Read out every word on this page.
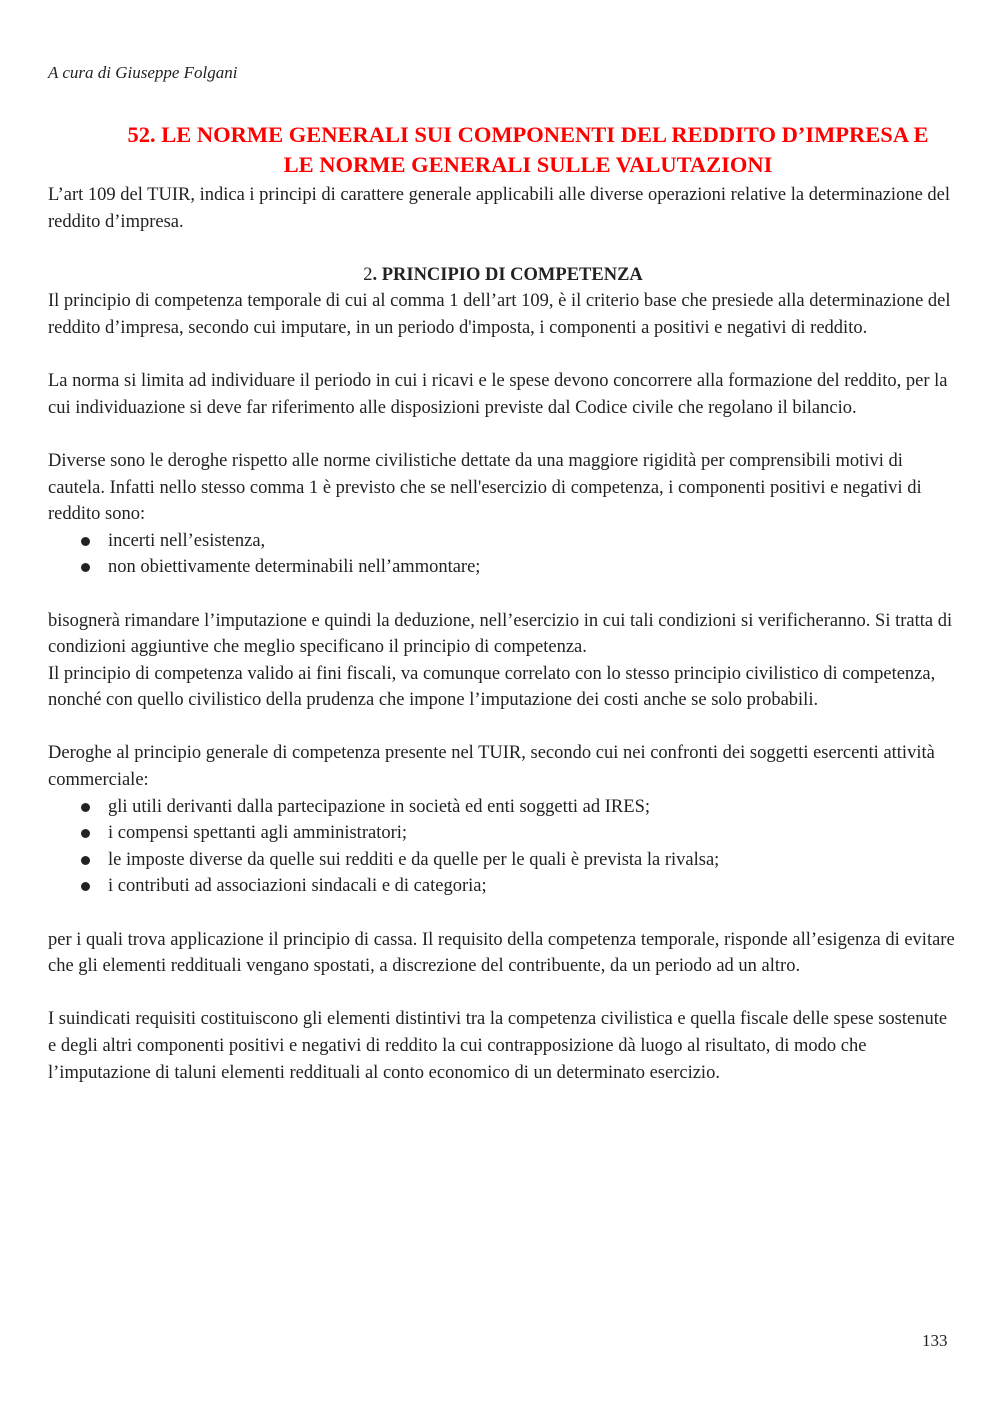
A cura di Giuseppe Folgani
52. LE NORME GENERALI SUI COMPONENTI DEL REDDITO D’IMPRESA E
LE NORME GENERALI SULLE VALUTAZIONI

L’art 109 del TUIR, indica i principi di carattere generale applicabili alle diverse operazioni relative la determinazione del reddito d’impresa.

2. PRINCIPIO DI COMPETENZA

Il principio di competenza temporale di cui al comma 1 dell’art 109, è il criterio base che presiede alla determinazione del reddito d’impresa, secondo cui imputare, in un periodo d'imposta, i componenti a positivi e negativi di reddito.

La norma si limita ad individuare il periodo in cui i ricavi e le spese devono concorrere alla formazione del reddito, per la cui individuazione si deve far riferimento alle disposizioni previste dal Codice civile che regolano il bilancio.

Diverse sono le deroghe rispetto alle norme civilistiche dettate da una maggiore rigidità per comprensibili motivi di cautela. Infatti nello stesso comma 1 è previsto che se nell'esercizio di competenza, i componenti positivi e negativi di reddito sono:

incerti nell’esistenza,
non obiettivamente determinabili nell’ammontare;

bisognerà rimandare l’imputazione e quindi la deduzione, nell’esercizio in cui tali condizioni si verificheranno. Si tratta di condizioni aggiuntive che meglio specificano il principio di competenza.

Il principio di competenza valido ai fini fiscali, va comunque correlato con lo stesso principio civilistico di competenza, nonché con quello civilistico della prudenza che impone l’imputazione dei costi anche se solo probabili.

Deroghe al principio generale di competenza presente nel TUIR, secondo cui nei confronti dei soggetti esercenti attività commerciale:

gli utili derivanti dalla partecipazione in società ed enti soggetti ad IRES;
i compensi spettanti agli amministratori;
le imposte diverse da quelle sui redditi e da quelle per le quali è prevista la rivalsa;
i contributi ad associazioni sindacali e di categoria;

per i quali trova applicazione il principio di cassa. Il requisito della competenza temporale, risponde all’esigenza di evitare che gli elementi reddituali vengano spostati, a discrezione del contribuente, da un periodo ad un altro.

I suindicati requisiti costituiscono gli elementi distintivi tra la competenza civilistica e quella fiscale delle spese sostenute e degli altri componenti positivi e negativi di reddito la cui contrapposizione dà luogo al risultato, di modo che l’imputazione di taluni elementi reddituali al conto economico di un determinato esercizio.

133
